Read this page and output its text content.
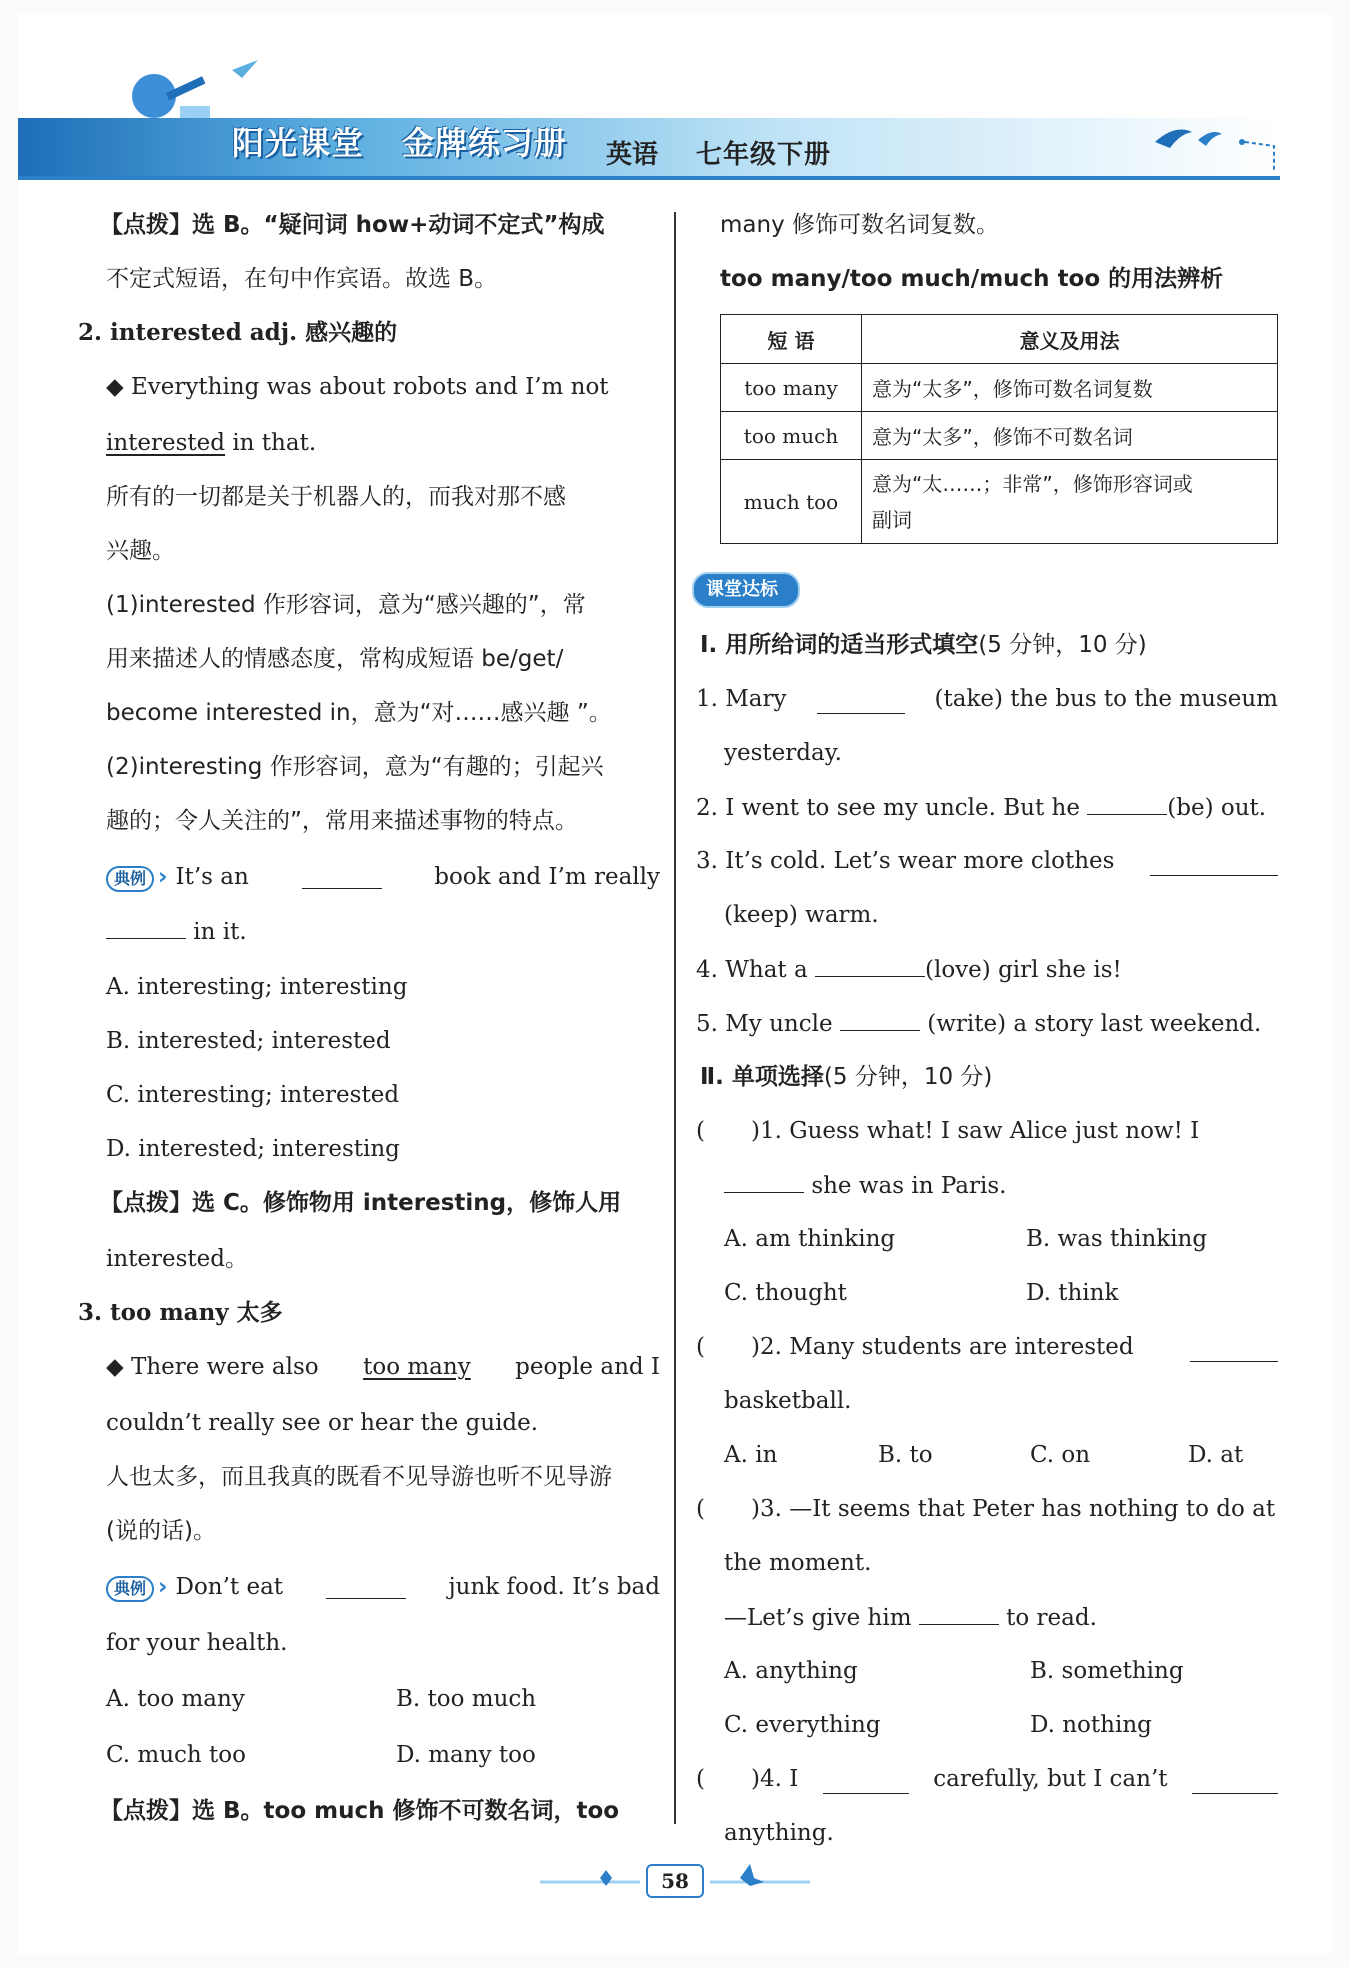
阳光课堂 金牌练习册 英语 七年级下册
【点拨】选 B。“疑问词 how+动词不定式”构成
不定式短语，在句中作宾语。故选 B。
2. interested adj. 感兴趣的
◆ Everything was about robots and I’m not
interested in that.
所有的一切都是关于机器人的，而我对那不感
兴趣。
(1)interested 作形容词，意为“感兴趣的”，常
用来描述人的情感态度，常构成短语 be/get/
become interested in，意为“对……感兴趣 ”。
(2)interesting 作形容词，意为“有趣的；引起兴
趣的；令人关注的”，常用来描述事物的特点。
典例 › It’s an	book and I’m really
in it.
A. interesting; interesting
B. interested; interested
C. interesting; interested
D. interested; interesting
【点拨】选 C。修饰物用 interesting，修饰人用
interested。
3. too many 太多
◆ There were also too many people and I
couldn’t really see or hear the guide.
人也太多，而且我真的既看不见导游也听不见导游
(说的话)。
典例 › Don’t eat	junk food. It’s bad
for your health.
A. too many	B. too much
C. much too	D. many too
【点拨】选 B。too much 修饰不可数名词，too
many 修饰可数名词复数。
too many/too much/much too 的用法辨析
短 语	意义及用法
too many	意为“太多”，修饰可数名词复数
too much	意为“太多”，修饰不可数名词
much too	意为“太……；非常”，修饰形容词或
副词
课堂达标
Ⅰ. 用所给词的适当形式填空(5 分钟，10 分)
1. Mary	(take) the bus to the museum
yesterday.
2. I went to see my uncle. But he	(be) out.
3. It’s cold. Let’s wear more clothes
(keep) warm.
4. What a	(love) girl she is!
5. My uncle	(write) a story last weekend.
Ⅱ. 单项选择(5 分钟，10 分)
(　　)1. Guess what! I saw Alice just now! I
she was in Paris.
A. am thinking	B. was thinking
C. thought	D. think
(　　)2. Many students are interested
basketball.
A. in	B. to	C. on	D. at
(　　)3. —It seems that Peter has nothing to do at
the moment.
—Let’s give him	to read.
A. anything	B. something
C. everything	D. nothing
(　　)4. I	carefully, but I can’t
anything.
58
